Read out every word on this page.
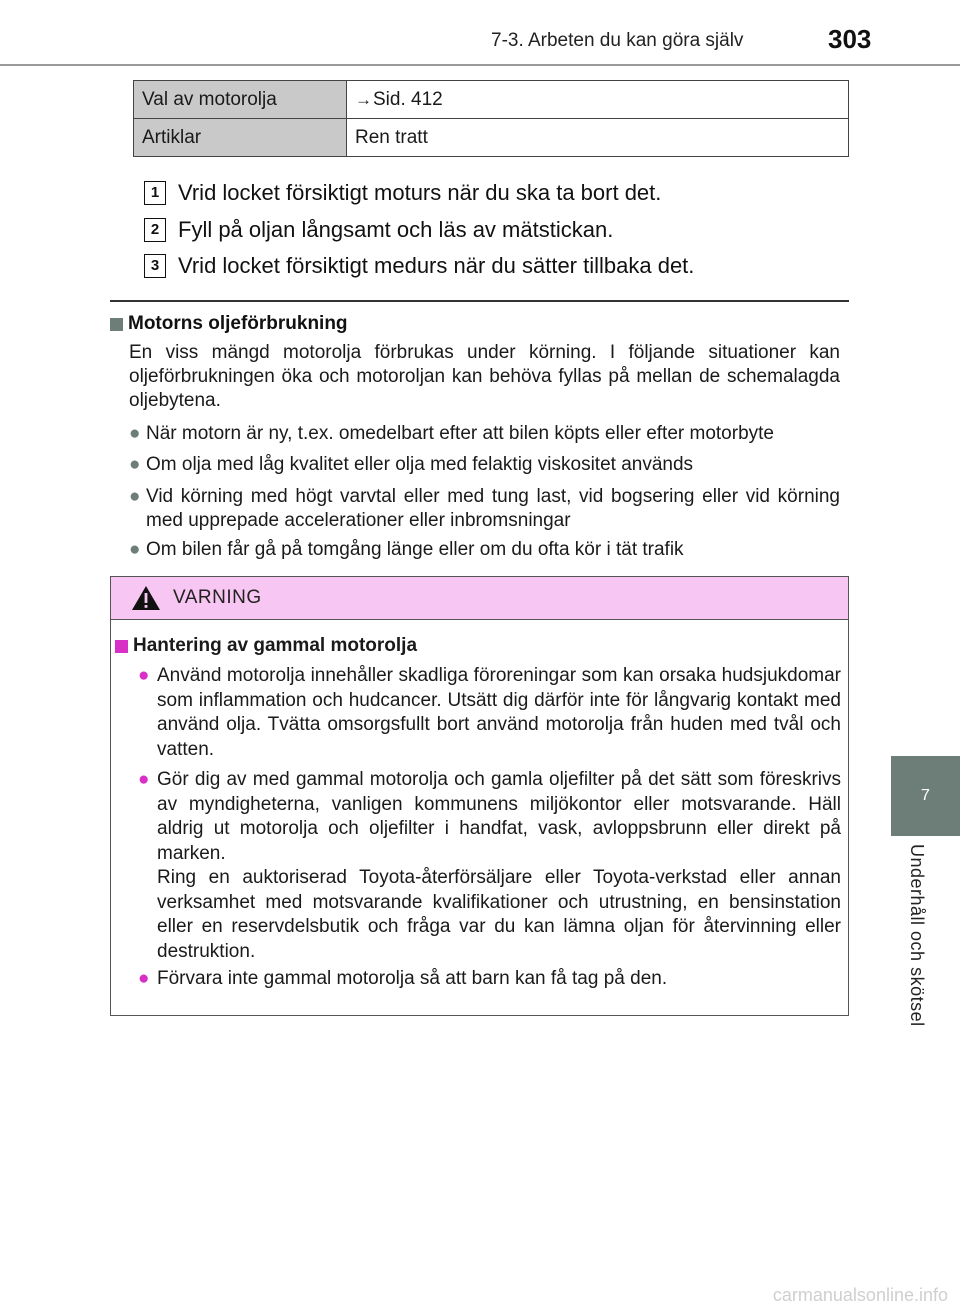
7-3. Arbeten du kan göra själv	303
7
Underhåll och skötsel
Val av motorolja	→Sid. 412
Artiklar	Ren tratt
1 Vrid locket försiktigt moturs när du ska ta bort det.
2 Fyll på oljan långsamt och läs av mätstickan.
3 Vrid locket försiktigt medurs när du sätter tillbaka det.
Motorns oljeförbrukning
En viss mängd motorolja förbrukas under körning. I följande situationer kan oljeförbrukningen öka och motoroljan kan behöva fyllas på mellan de schemalagda oljebytena.
● När motorn är ny, t.ex. omedelbart efter att bilen köpts eller efter motorbyte
● Om olja med låg kvalitet eller olja med felaktig viskositet används
● Vid körning med högt varvtal eller med tung last, vid bogsering eller vid körning med upprepade accelerationer eller inbromsningar
● Om bilen får gå på tomgång länge eller om du ofta kör i tät trafik
VARNING
Hantering av gammal motorolja
● Använd motorolja innehåller skadliga föroreningar som kan orsaka hudsjukdomar som inflammation och hudcancer. Utsätt dig därför inte för långvarig kontakt med använd olja. Tvätta omsorgsfullt bort använd motorolja från huden med tvål och vatten.

● Gör dig av med gammal motorolja och gamla oljefilter på det sätt som föreskrivs av myndigheterna, vanligen kommunens miljökontor eller motsvarande. Häll aldrig ut motorolja och oljefilter i handfat, vask, avloppsbrunn eller direkt på marken.

Ring en auktoriserad Toyota-återförsäljare eller Toyota-verkstad eller annan verksamhet med motsvarande kvalifikationer och utrustning, en bensinstation eller en reservdelsbutik och fråga var du kan lämna oljan för återvinning eller destruktion.

● Förvara inte gammal motorolja så att barn kan få tag på den.

carmanualsonline.info
